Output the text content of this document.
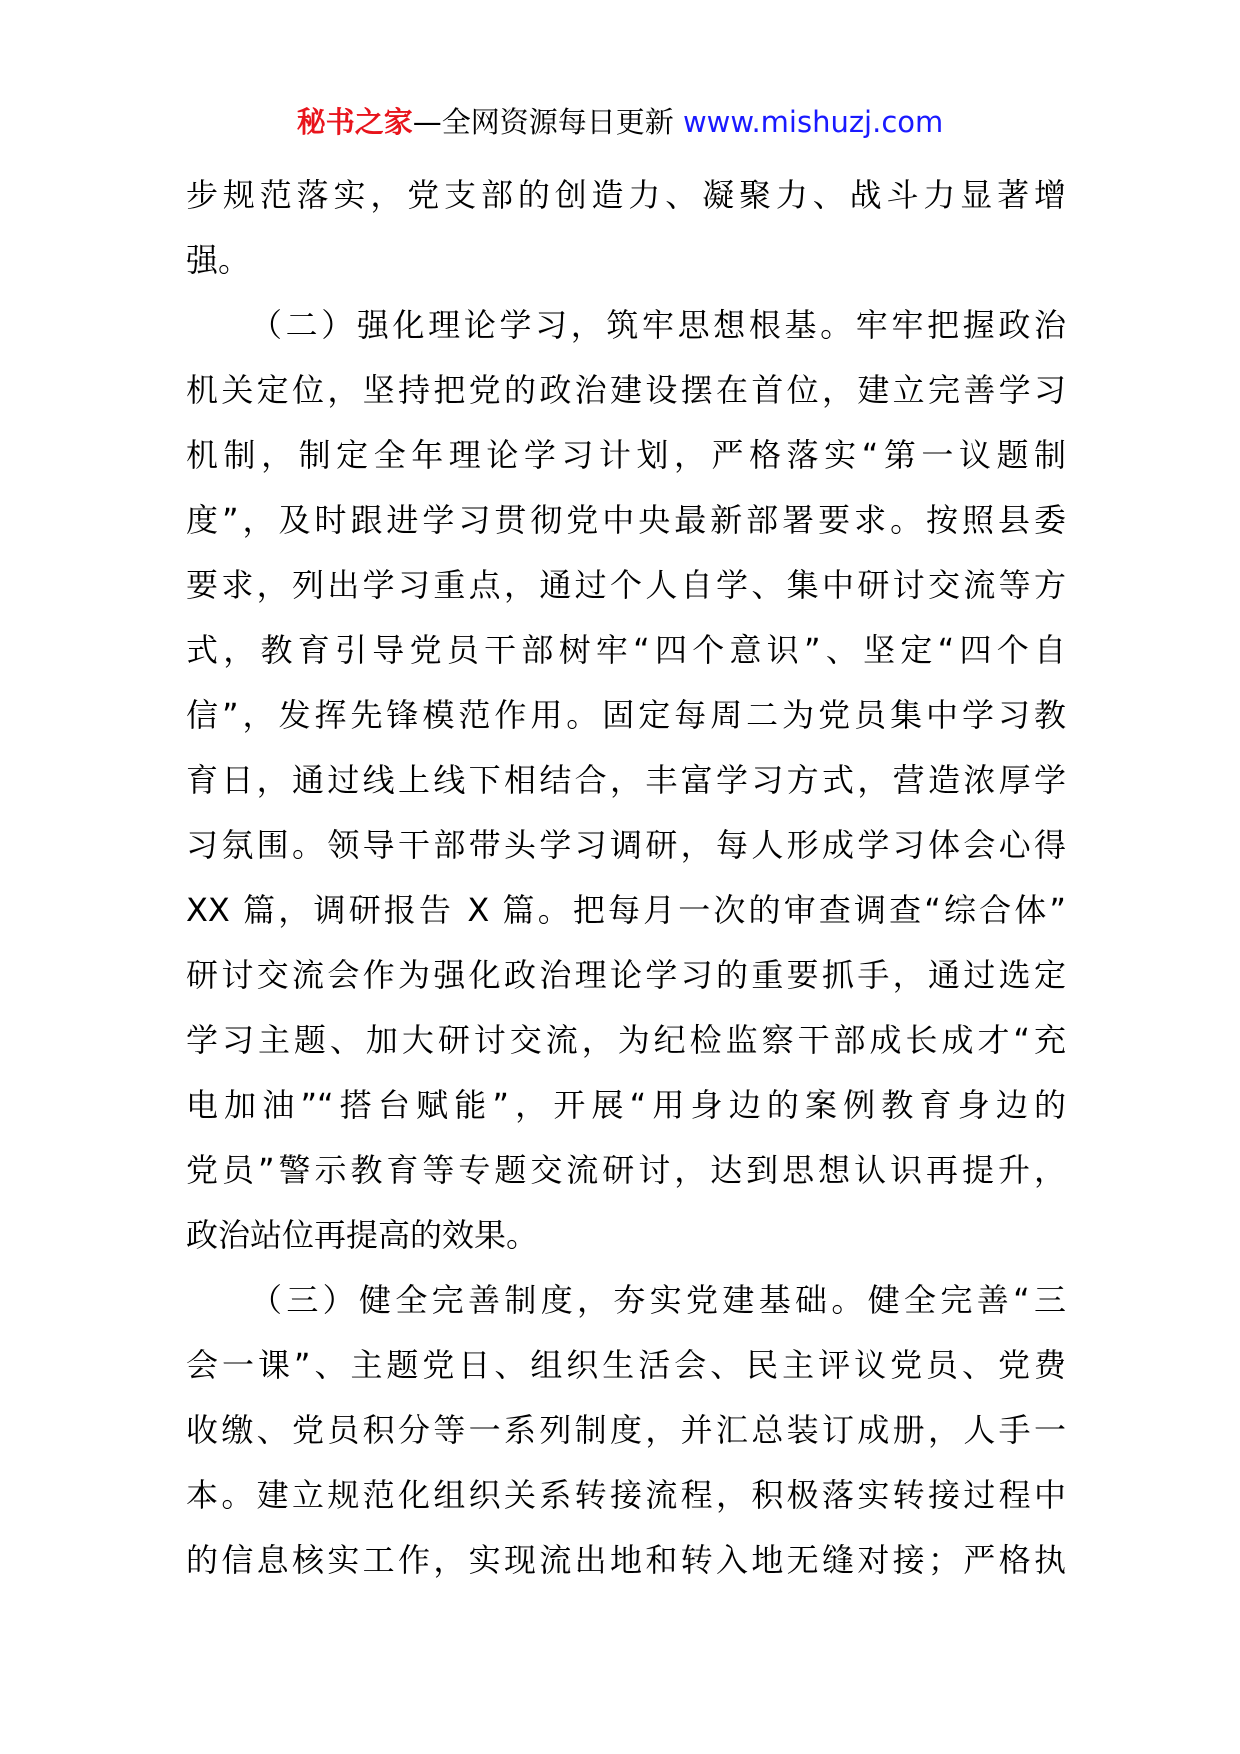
秘书之家—全网资源每日更新 www.mishuzj.com
步规范落实，党支部的创造力、凝聚力、战斗力显著增
强。
（二）强化理论学习，筑牢思想根基。牢牢把握政治
机关定位，坚持把党的政治建设摆在首位，建立完善学习
机制，制定全年理论学习计划，严格落实“第一议题制
度”，及时跟进学习贯彻党中央最新部署要求。按照县委
要求，列出学习重点，通过个人自学、集中研讨交流等方
式，教育引导党员干部树牢“四个意识”、坚定“四个自
信”，发挥先锋模范作用。固定每周二为党员集中学习教
育日，通过线上线下相结合，丰富学习方式，营造浓厚学
习氛围。领导干部带头学习调研，每人形成学习体会心得
XX 篇，调研报告 X 篇。把每月一次的审查调查“综合体”
研讨交流会作为强化政治理论学习的重要抓手，通过选定
学习主题、加大研讨交流，为纪检监察干部成长成才“充
电加油”“搭台赋能”，开展“用身边的案例教育身边的
党员”警示教育等专题交流研讨，达到思想认识再提升，
政治站位再提高的效果。
（三）健全完善制度，夯实党建基础。健全完善“三
会一课”、主题党日、组织生活会、民主评议党员、党费
收缴、党员积分等一系列制度，并汇总装订成册，人手一
本。建立规范化组织关系转接流程，积极落实转接过程中
的信息核实工作，实现流出地和转入地无缝对接；严格执
